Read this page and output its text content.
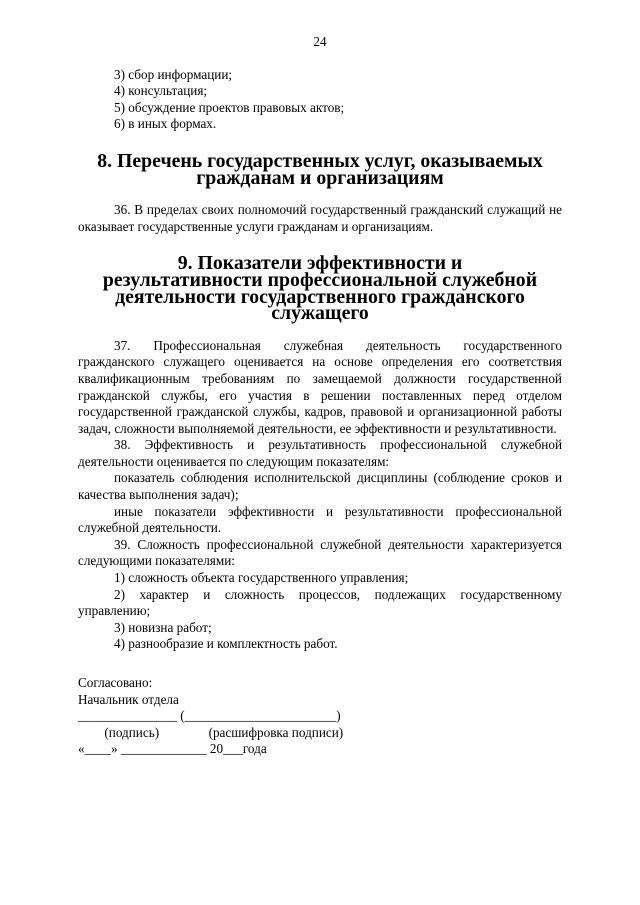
24

3) сбор информации;

4) консультация;

5) обсуждение проектов правовых актов;

6) в иных формах.

8. Перечень государственных услуг, оказываемых гражданам и организациям

36. В пределах своих полномочий государственный гражданский служащий не оказывает государственные услуги гражданам и организациям.

9. Показатели эффективности и результативности профессиональной служебной деятельности государственного гражданского служащего

37. Профессиональная служебная деятельность государственного гражданского служащего оценивается на основе определения его соответствия квалификационным требованиям по замещаемой должности государственной гражданской службы, его участия в решении поставленных перед отделом государственной гражданской службы, кадров, правовой и организационной работы задач, сложности выполняемой деятельности, ее эффективности и результативности.

38. Эффективность и результативность профессиональной служебной деятельности оценивается по следующим показателям:

показатель соблюдения исполнительской дисциплины (соблюдение сроков и качества выполнения задач);

иные показатели эффективности и результативности профессиональной служебной деятельности.

39. Сложность профессиональной служебной деятельности характеризуется следующими показателями:

1) сложность объекта государственного управления;

2) характер и сложность процессов, подлежащих государственному управлению;

3) новизна работ;

4) разнообразие и комплектность работ.

Согласовано:

Начальник отдела

_______________ (_______________________)

(подпись)               (расшифровка подписи)

«____» _____________ 20___года
